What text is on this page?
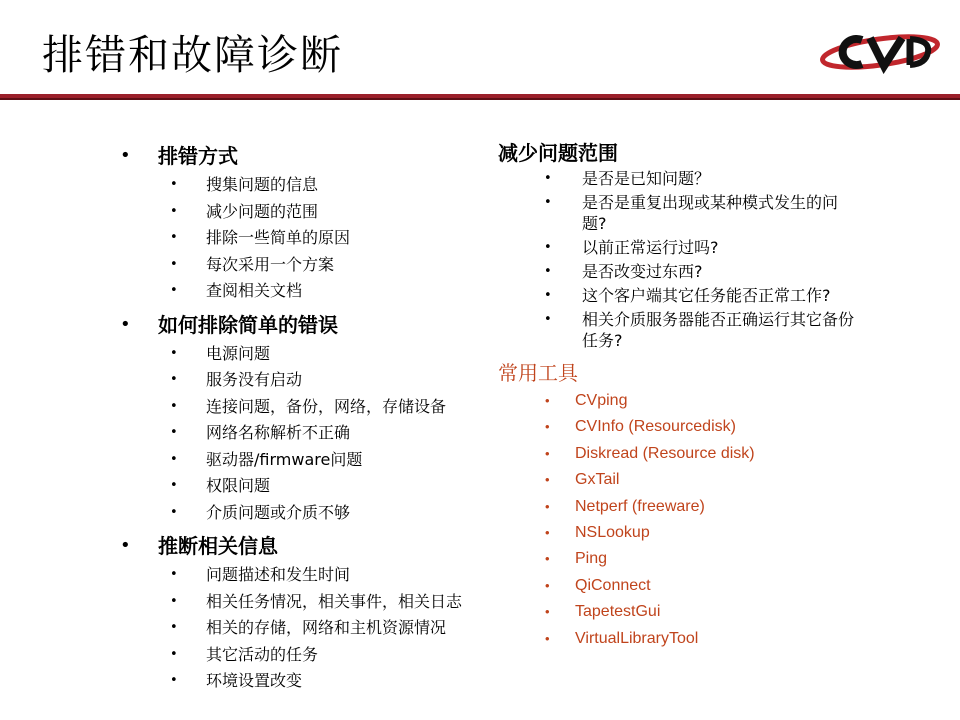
排错和故障诊断
• 排错方式
• 搜集问题的信息
• 减少问题的范围
• 排除一些简单的原因
• 每次采用一个方案
• 查阅相关文档
• 如何排除简单的错误
• 电源问题
• 服务没有启动
• 连接问题，备份，网络，存储设备
• 网络名称解析不正确
• 驱动器/firmware问题
• 权限问题
• 介质问题或介质不够
• 推断相关信息
• 问题描述和发生时间
• 相关任务情况，相关事件，相关日志
• 相关的存储，网络和主机资源情况
• 其它活动的任务
• 环境设置改变
减少问题范围
• 是否是已知问题？
• 是否是重复出现或某种模式发生的问题?
• 以前正常运行过吗?
• 是否改变过东西?
• 这个客户端其它任务能否正常工作?
• 相关介质服务器能否正确运行其它备份任务?
常用工具
• CVping
• CVInfo (Resourcedisk)
• Diskread (Resource disk)
• GxTail
• Netperf (freeware)
• NSLookup
• Ping
• QiConnect
• TapetestGui
• VirtualLibraryTool
